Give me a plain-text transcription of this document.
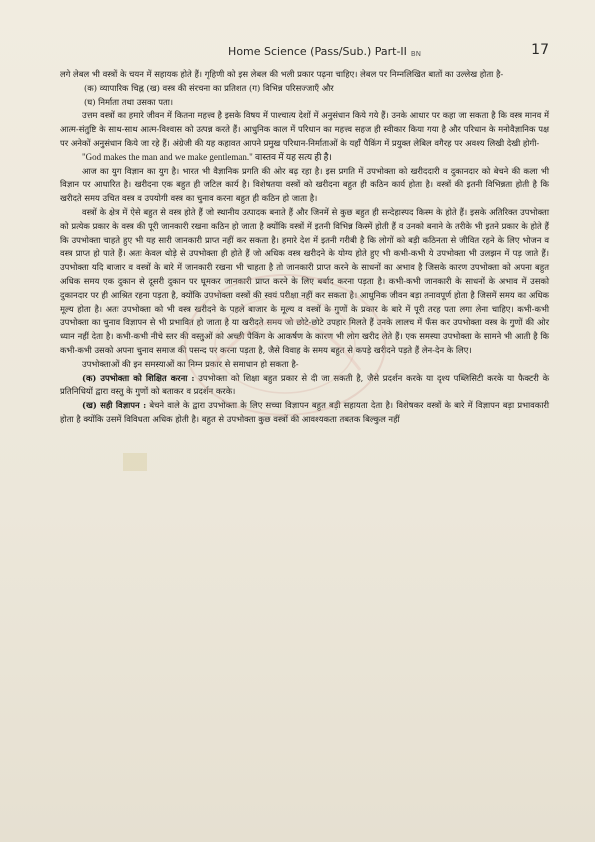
Home Science (Pass/Sub.) Part-II BN	17

लगे लेबल भी वस्त्रों के चयन में सहायक होते हैं। गृहिणी को इस लेबल की भली प्रकार पढ़ना चाहिए। लेबल पर निम्नलिखित बातों का उल्लेख होता है-

(क) व्यापारिक चिह्न (ख) वस्त्र की संरचना का प्रतिशत (ग) विभिन्न परिसज्जाएँ और

(घ) निर्माता तथा उसका पता।

उत्तम वस्त्रों का हमारे जीवन में कितना महत्त्व है इसके विषय में पाश्चात्य देशों में अनुसंधान किये गये हैं। उनके आधार पर कहा जा सकता है कि वस्त्र मानव में आत्म-संतुष्टि के साथ-साथ आत्म-विश्वास को उत्पन्न करते हैं। आधुनिक काल में परिधान का महत्त्व सहज ही स्वीकार किया गया है और परिधान के मनोवैज्ञानिक पक्ष पर अनेकों अनुसंधान किये जा रहे हैं। अंग्रेजी की यह कहावत आपने प्रमुख परिधान-निर्माताओं के यहाँ पैकिंग में प्रयुक्त लेबिल वगैरह पर अवश्य लिखी देखी होगी-

"God makes the man and we make gentleman." वास्तव में यह सत्य ही है।

आज का युग विज्ञान का युग है। भारत भी वैज्ञानिक प्रगति की ओर बढ़ रहा है। इस प्रगति में उपभोक्ता को खरीददारी व दुकानदार को बेचने की कला भी विज्ञान पर आधारित है। खरीदना एक बहुत ही जटिल कार्य है। विशेषतया वस्त्रों को खरीदना बहुत ही कठिन कार्य होता है। वस्त्रों की इतनी विभिन्नता होती है कि खरीदते समय उचित वस्त्र व उपयोगी वस्त्र का चुनाव करना बहुत ही कठिन हो जाता है।

वस्त्रों के क्षेत्र में ऐसे बहुत से वस्त्र होते हैं जो स्थानीय उत्पादक बनाते हैं और जिनमें से कुछ बहुत ही सन्देहास्पद किस्म के होते हैं। इसके अतिरिक्त उपभोक्ता को प्रत्येक प्रकार के वस्त्र की पूरी जानकारी रखना कठिन हो जाता है क्योंकि वस्त्रों में इतनी विभिन्न किस्में होती हैं व उनको बनाने के तरीके भी इतने प्रकार के होते हैं कि उपभोक्ता चाहते हुए भी यह सारी जानकारी प्राप्त नहीं कर सकता है। हमारे देश में इतनी गरीबी है कि लोगों को बड़ी कठिनता से जीवित रहने के लिए भोजन व वस्त्र प्राप्त हो पाते हैं। अतः केवल थोड़े से उपभोक्ता ही होते हैं जो अधिक वस्त्र खरीदने के योग्य होते हुए भी कभी-कभी ये उपभोक्ता भी उलझन में पड़ जाते हैं। उपभोक्ता यदि बाजार व वस्त्रों के बारे में जानकारी रखना भी चाहता है तो जानकारी प्राप्त करने के साधनों का अभाव है जिसके कारण उपभोक्ता को अपना बहुत अधिक समय एक दुकान से दूसरी दुकान पर घूमकर जानकारी प्राप्त करने के लिए बर्बाद करना पड़ता है। कभी-कभी जानकारी के साधनों के अभाव में उसको दुकानदार पर ही आश्रित रहना पड़ता है, क्योंकि उपभोक्ता वस्त्रों की स्वयं परीक्षा नहीं कर सकता है। आधुनिक जीवन बड़ा तनावपूर्ण होता है जिसमें समय का अधिक मूल्य होता है। अतः उपभोक्ता को भी वस्त्र खरीदने के पहले बाजार के मूल्य व वस्त्रों के गुणों के प्रकार के बारे में पूरी तरह पता लगा लेना चाहिए। कभी-कभी उपभोक्ता का चुनाव विज्ञापन से भी प्रभावित हो जाता है या खरीदते समय जो छोटे-छोटे उपहार मिलते हैं उनके लालच में फँस कर उपभोक्ता वस्त्र के गुणों की ओर ध्यान नहीं देता है। कभी-कभी नीचे स्तर की वस्तुओं को अच्छी पैकिंग के आकर्षण के कारण भी लोग खरीद लेते हैं। एक समस्या उपभोक्ता के सामने भी आती है कि कभी-कभी उसको अपना चुनाव समाज की पसन्द पर करना पड़ता है, जैसे विवाह के समय बहुत से कपड़े खरीदने पड़ते हैं लेन-देन के लिए।

उपभोक्ताओं की इन समस्याओं का निम्न प्रकार से समाधान हो सकता है-

(क) उपभोक्ता को शिक्षित करना : उपभोक्ता को शिक्षा बहुत प्रकार से दी जा सकती है, जैसे प्रदर्शन करके या दृश्य पब्लिसिटी करके या फैक्टरी के प्रतिनिधियों द्वारा वस्तु के गुणों को बताकर व प्रदर्शन करके।

(ख) सही विज्ञापन : बेचने वाले के द्वारा उपभोक्ता के लिए सच्चा विज्ञापन बहुत बड़ी सहायता देता है। विशेषकर वस्त्रों के बारे में विज्ञापन बड़ा प्रभावकारी होता है क्योंकि उसमें विविधता अधिक होती है। बहुत से उपभोक्ता कुछ वस्त्रों की आवश्यकता तबतक बिल्कुल नहीं
